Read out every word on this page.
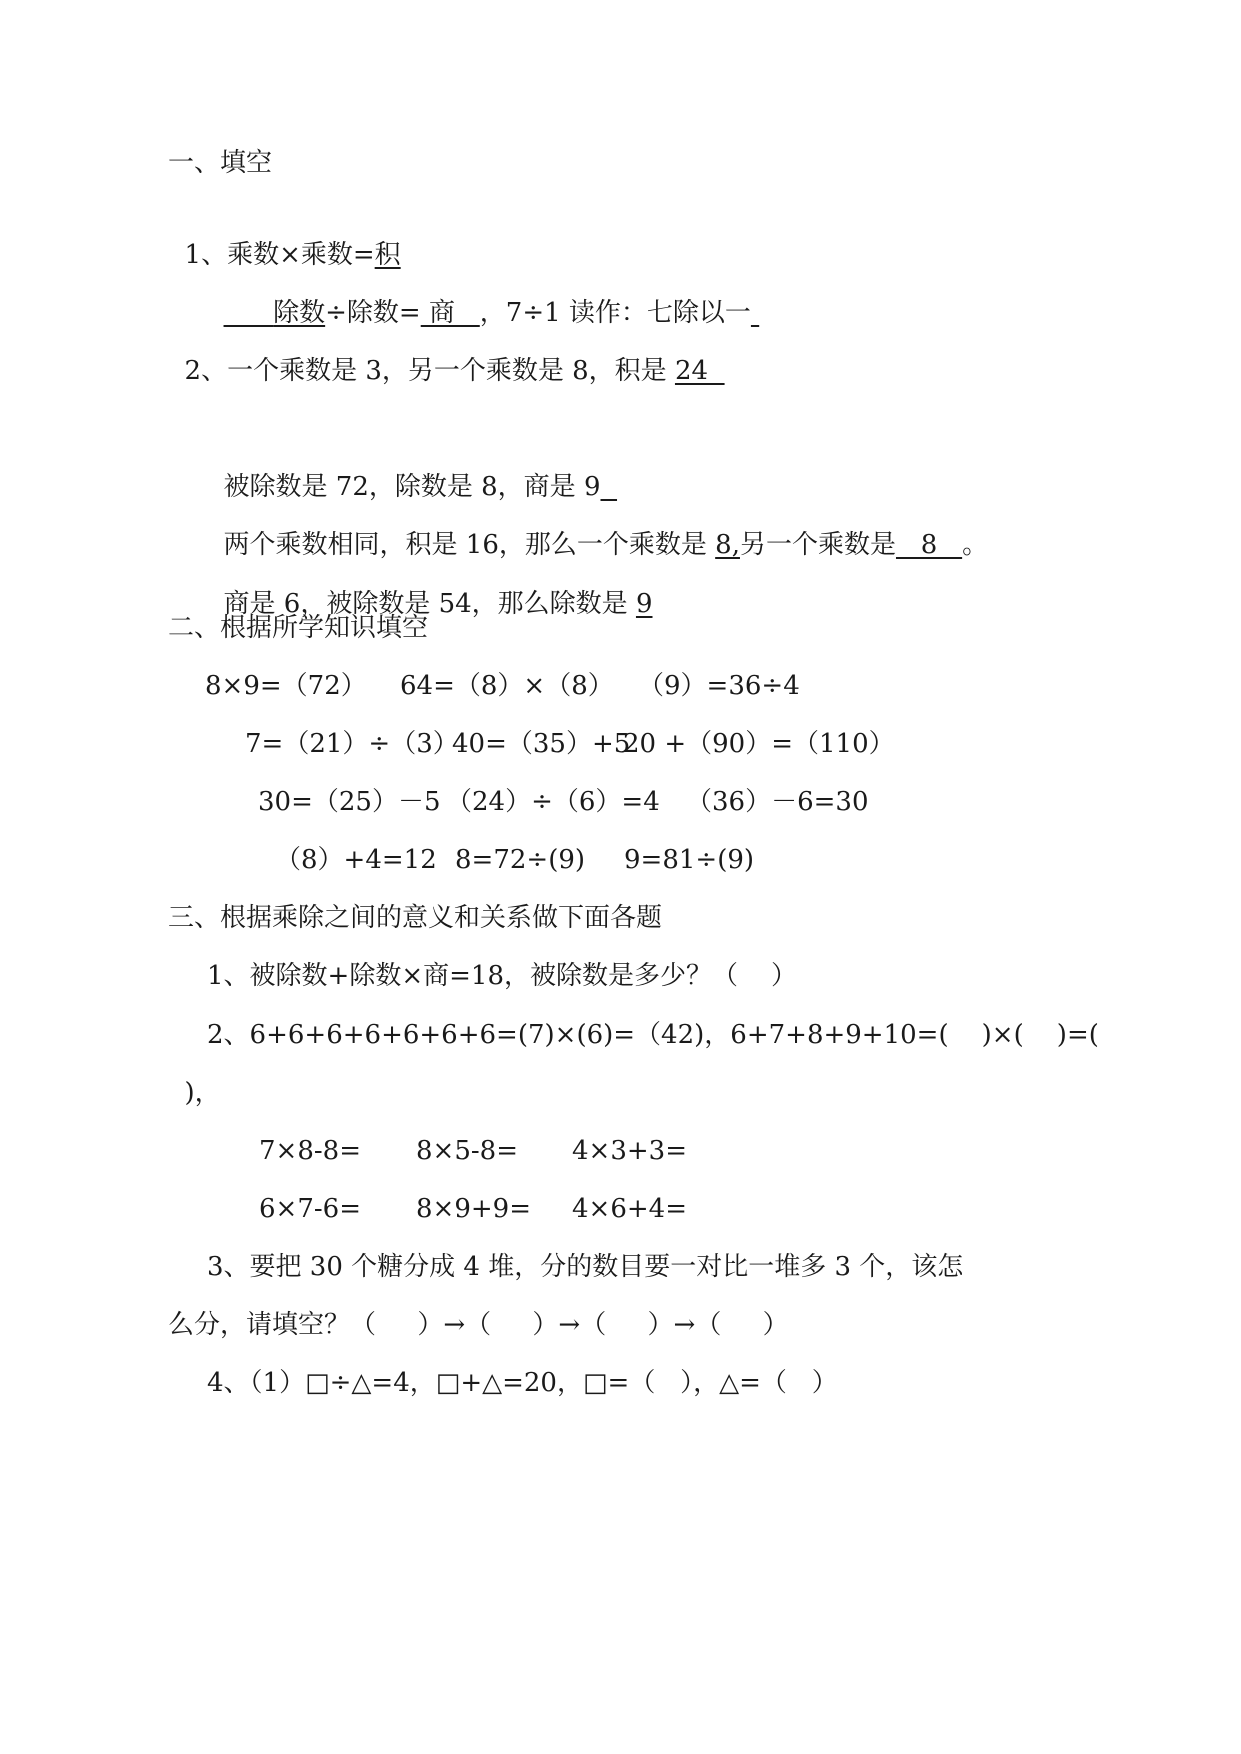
一、填空

1、乘数×乘数=积

除数÷除数= 商   ，7÷1 读作：七除以一

2、一个乘数是 3，另一个乘数是 8，积是 24

被除数是 72，除数是 8，商是 9

两个乘数相同，积是 16，那么一个乘数是 8,另一个乘数是   8   。

商是 6，被除数是 54，那么除数是 9

二、根据所学知识填空
8×9=（72） 64=（8）×（8） （9）=36÷4
7=（21）÷（3）
40=（35）+5
20 +（90）=（110）
30=（25）－5 （24）÷（6）=4 （36）－6=30
（8）+4=12 8=72÷(9) 9=81÷(9)
三、根据乘除之间的意义和关系做下面各题
1、被除数+除数×商=18，被除数是多少？（    ）
2、6+6+6+6+6+6+6=(7)×(6)=（42)，6+7+8+9+10=(    )×(    )=(
)，
7×8-8= 8×5-8= 4×3+3=
6×7-6= 8×9+9= 4×6+4=
3、要把 30 个糖分成 4 堆，分的数目要一对比一堆多 3 个，该怎
么分，请填空？（     ）→（     ）→（     ）→（     ）
4、（1）□÷△=4，□+△=20，□=（   ），△=（   ）
